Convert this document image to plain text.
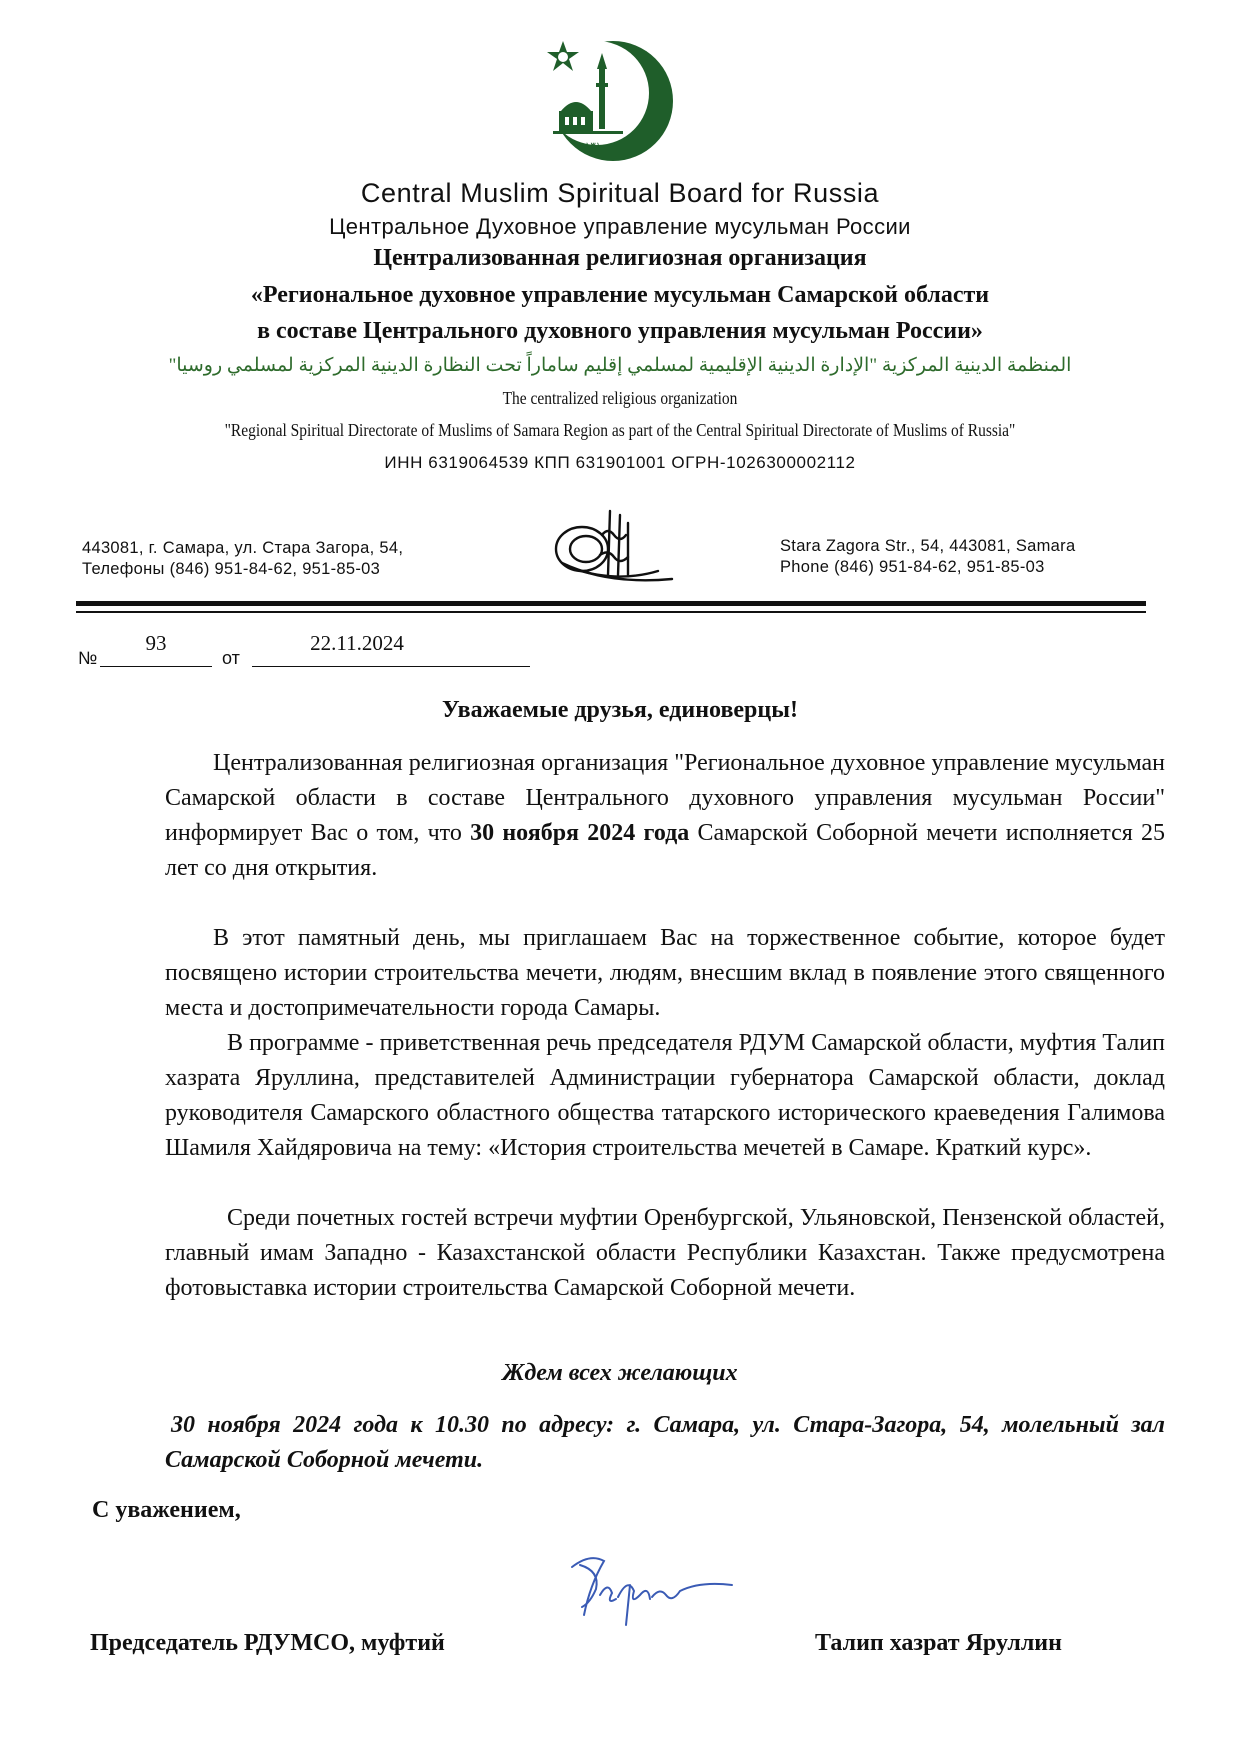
١٣١٠
Central Muslim Spiritual Board for Russia
Центральное Духовное управление мусульман России
Централизованная религиозная организация
«Региональное духовное управление мусульман Самарской области
в составе Центрального духовного управления мусульман России»
المنظمة الدينية المركزية "الإدارة الدينية الإقليمية لمسلمي إقليم ساماراً تحت النظارة الدينية المركزية لمسلمي روسيا"
The centralized religious organization
"Regional Spiritual Directorate of Muslims of Samara Region as part of the Central Spiritual Directorate of Muslims of Russia"
ИНН 6319064539 КПП 631901001 ОГРН-1026300002112
443081, г. Самара, ул. Стара Загора, 54,
Телефоны (846) 951-84-62, 951-85-03
Stara Zagora Str., 54, 443081, Samara
Phone (846) 951-84-62, 951-85-03
№
93
от
22.11.2024
Уважаемые друзья, единоверцы!
Централизованная религиозная организация "Региональное духовное управление мусульман Самарской области в составе Центрального духовного управления мусульман России" информирует Вас о том, что 30 ноября 2024 года Самарской Соборной мечети исполняется 25 лет со дня открытия.
В этот памятный день, мы приглашаем Вас на торжественное событие, которое будет посвящено истории строительства мечети, людям, внесшим вклад в появление этого священного места и достопримечательности города Самары.
В программе - приветственная речь председателя РДУМ Самарской области, муфтия Талип хазрата Яруллина, представителей Администрации губернатора Самарской области, доклад руководителя Самарского областного общества татарского исторического краеведения Галимова Шамиля Хайдяровича на тему: «История строительства мечетей в Самаре. Краткий курс».
Среди почетных гостей встречи муфтии Оренбургской, Ульяновской, Пензенской областей, главный имам Западно - Казахстанской области Республики Казахстан. Также предусмотрена фотовыставка истории строительства Самарской Соборной мечети.
Ждем всех желающих
30 ноября 2024 года к 10.30 по адресу: г. Самара, ул. Стара-Загора, 54, молельный зал Самарской Соборной мечети.
С уважением,
Председатель РДУМСО, муфтий	Талип хазрат Яруллин
